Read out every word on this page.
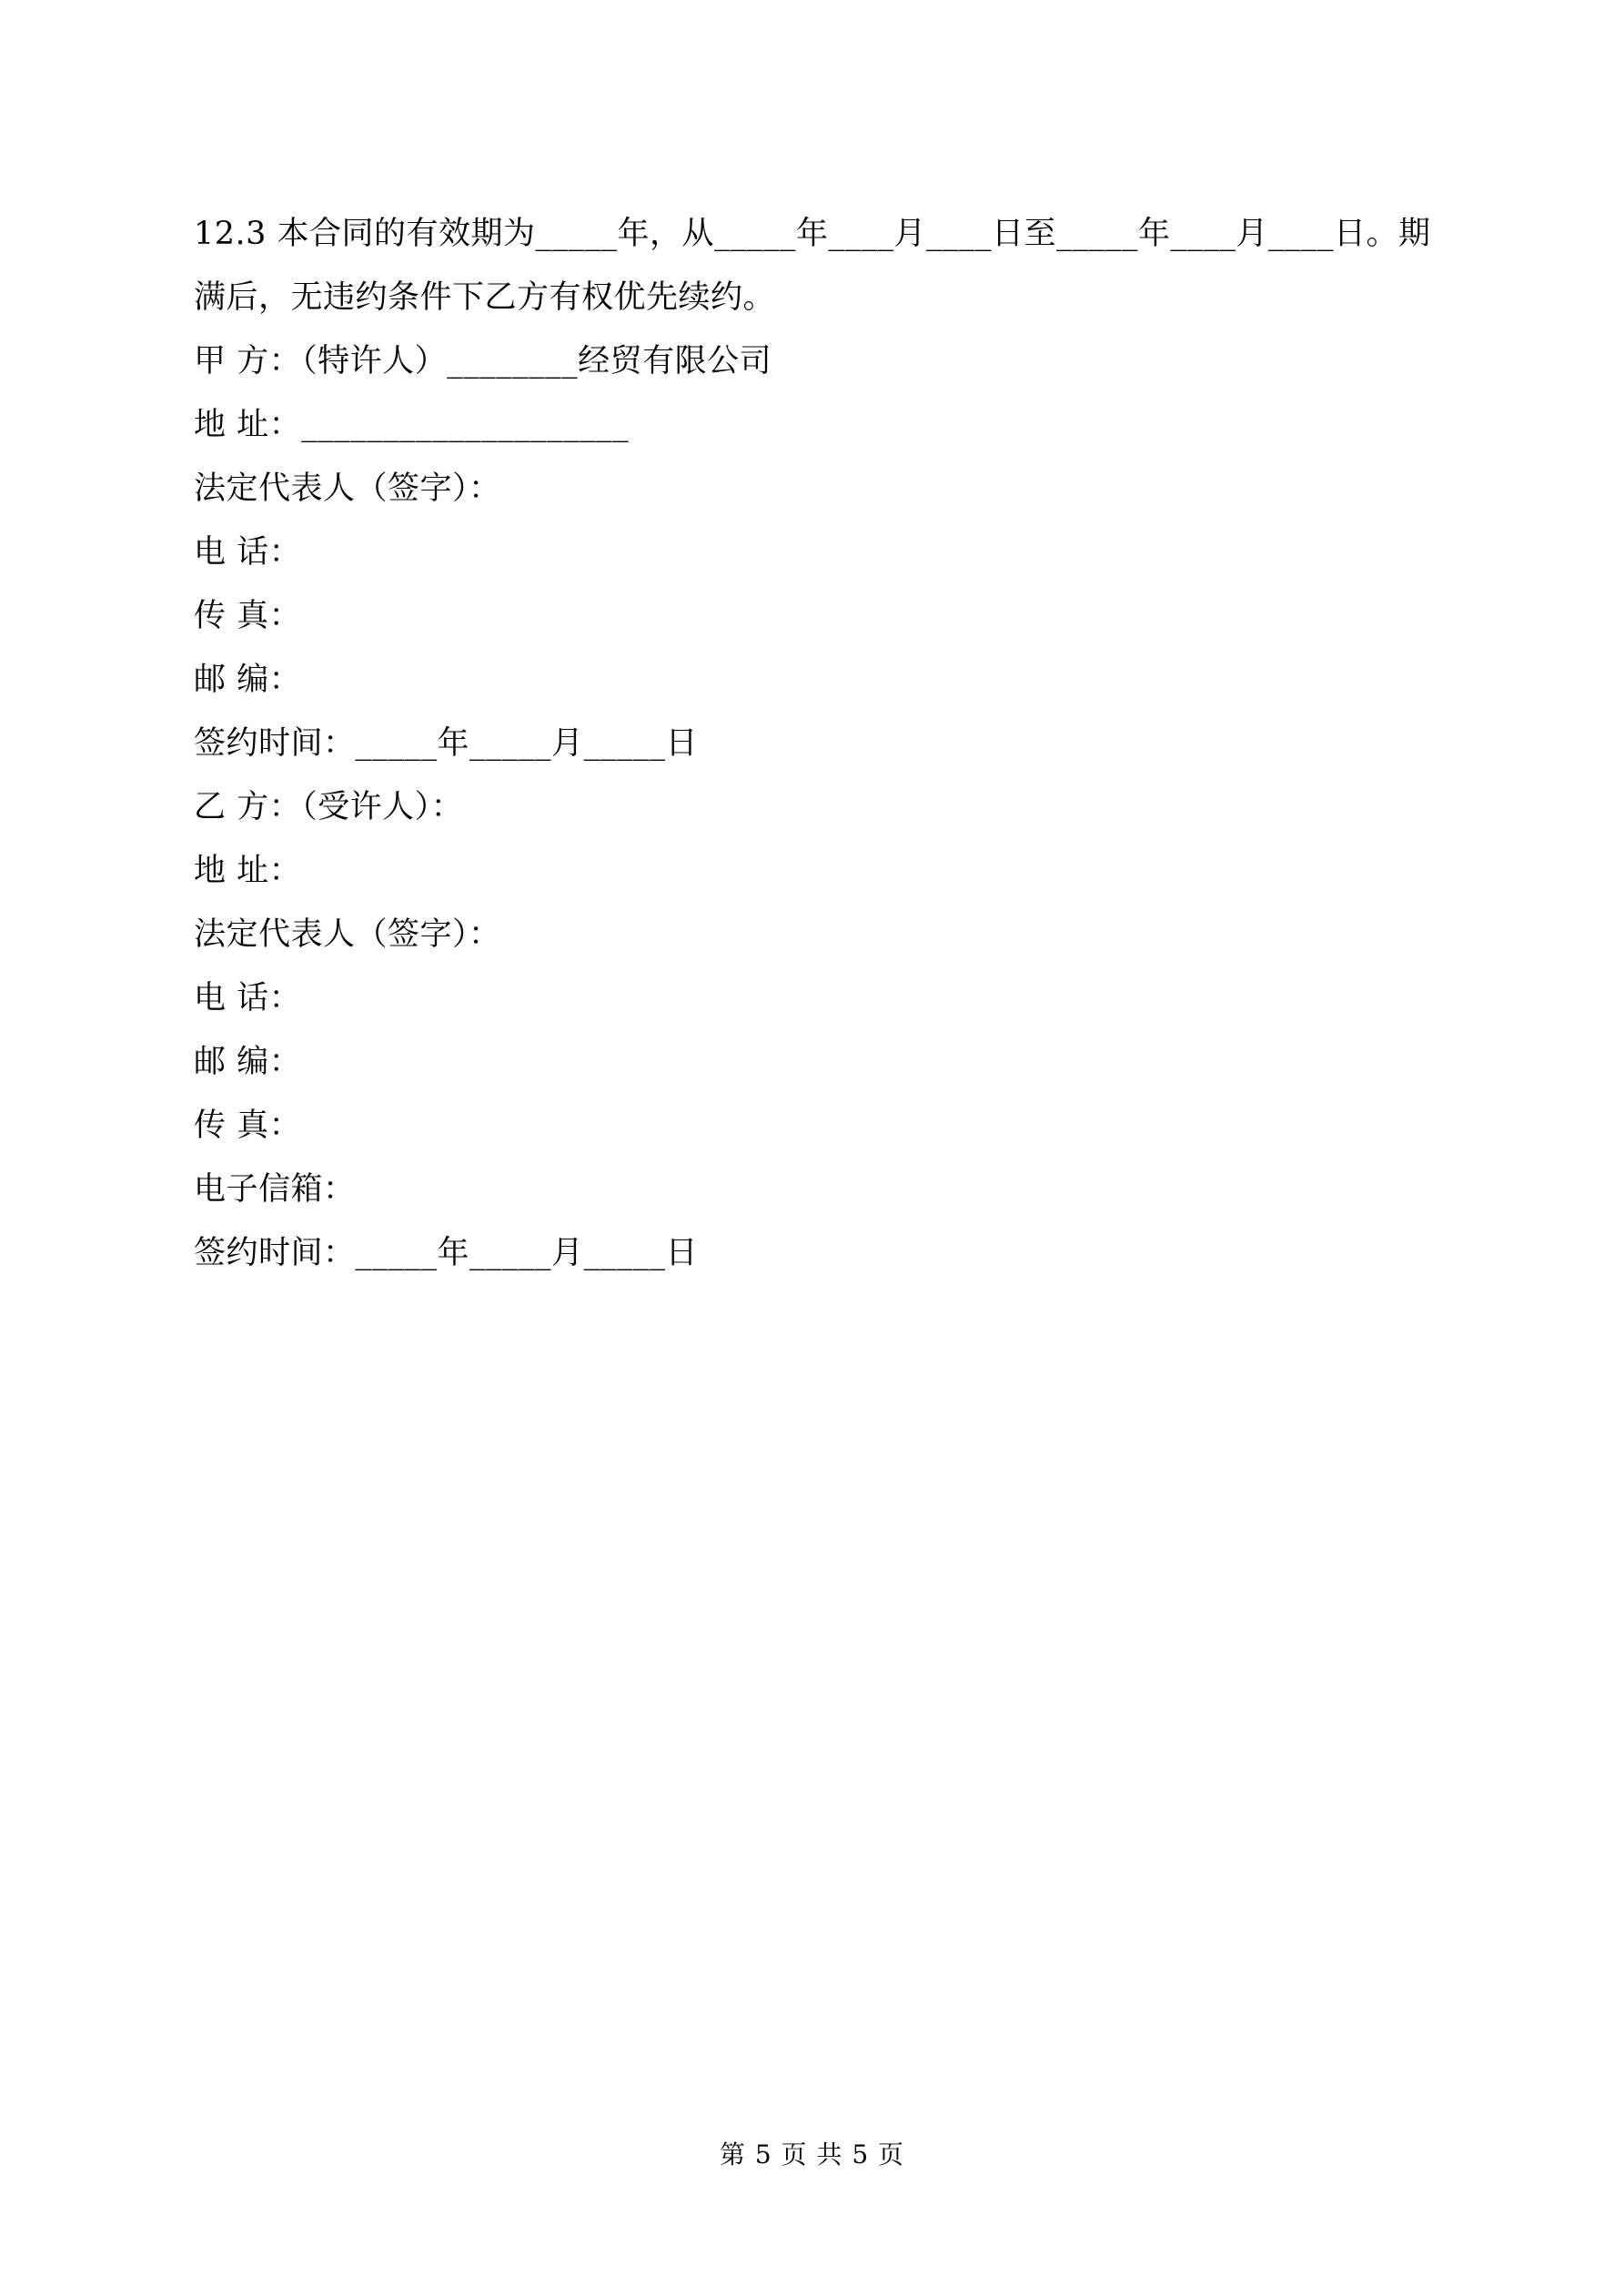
12.3 本合同的有效期为_____年，从_____年____月____日至_____年____月____日。期
满后，无违约条件下乙方有权优先续约。
甲 方：（特许人）________经贸有限公司
地 址：____________________
法定代表人（签字）：
电 话：
传 真：
邮 编：
签约时间：_____年_____月_____日
乙 方：（受许人）：
地 址：
法定代表人（签字）：
电 话：
邮 编：
传 真：
电子信箱：
签约时间：_____年_____月_____日
第 5 页 共 5 页
